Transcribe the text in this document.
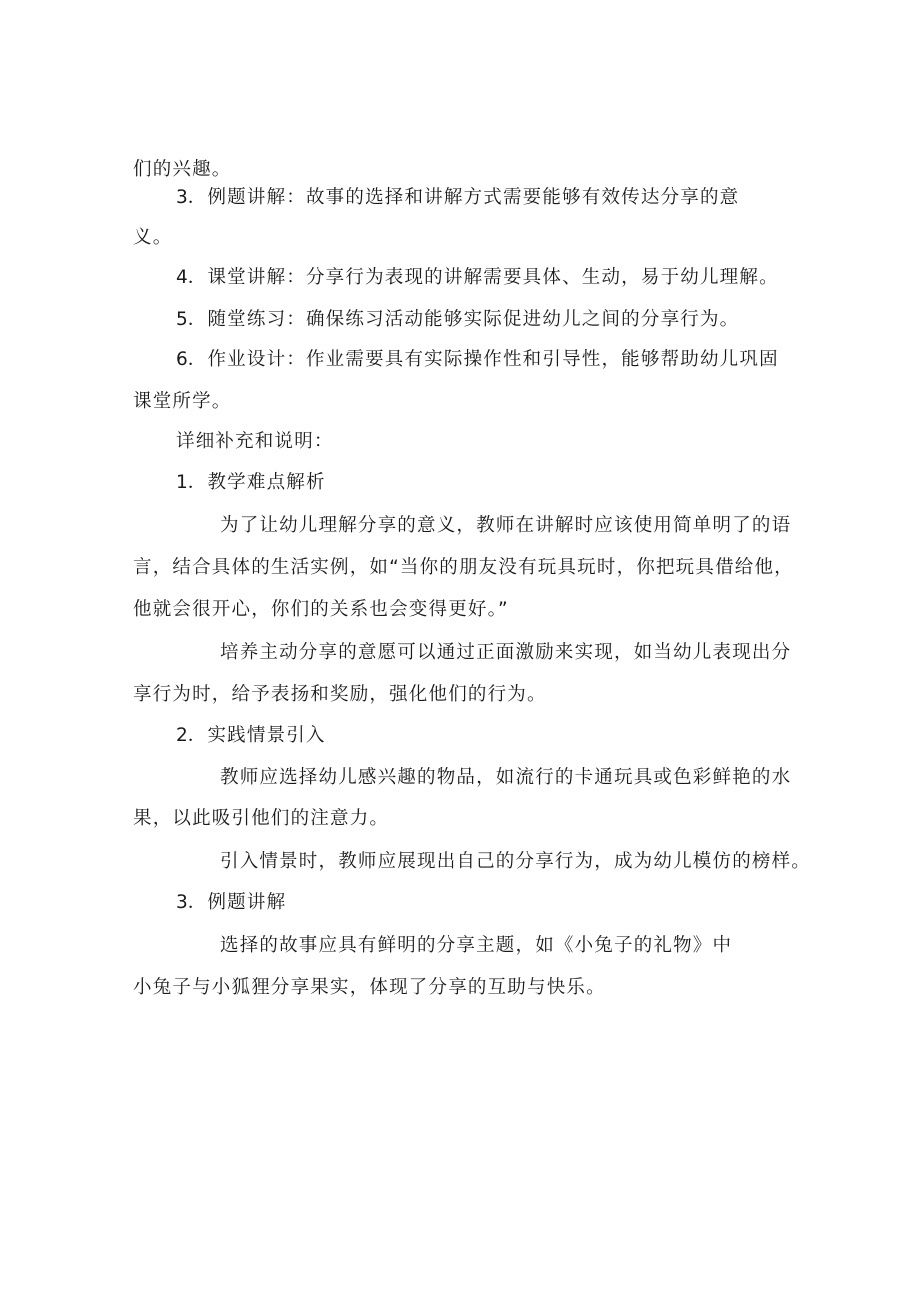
们的兴趣。
3．例题讲解：故事的选择和讲解方式需要能够有效传达分享的意
义。
4．课堂讲解：分享行为表现的讲解需要具体、生动，易于幼儿理解。
5．随堂练习：确保练习活动能够实际促进幼儿之间的分享行为。
6．作业设计：作业需要具有实际操作性和引导性，能够帮助幼儿巩固
课堂所学。
详细补充和说明：
1．教学难点解析
为了让幼儿理解分享的意义，教师在讲解时应该使用简单明了的语
言，结合具体的生活实例，如“当你的朋友没有玩具玩时，你把玩具借给他，
他就会很开心，你们的关系也会变得更好。”
培养主动分享的意愿可以通过正面激励来实现，如当幼儿表现出分
享行为时，给予表扬和奖励，强化他们的行为。
2．实践情景引入
教师应选择幼儿感兴趣的物品，如流行的卡通玩具或色彩鲜艳的水
果，以此吸引他们的注意力。
引入情景时，教师应展现出自己的分享行为，成为幼儿模仿的榜样。
3．例题讲解
选择的故事应具有鲜明的分享主题，如《小兔子的礼物》中
小兔子与小狐狸分享果实，体现了分享的互助与快乐。
